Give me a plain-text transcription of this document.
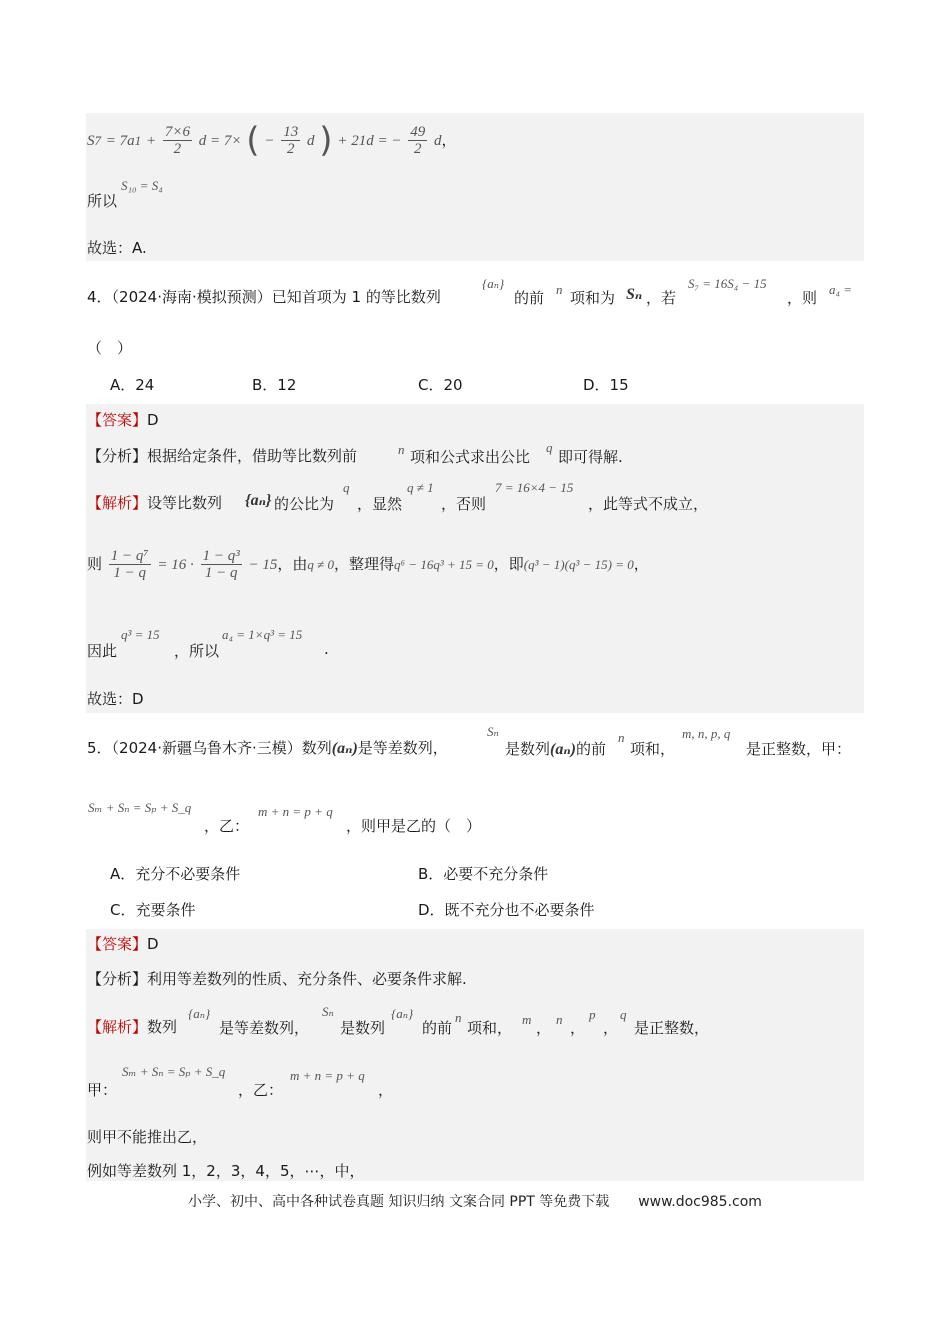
$S7 = 7a1 + \frac{7\times 6}{2}$ d = 7× ( − $\frac{13}{2}$ d ) + 21d = − $\frac{49}{2}$ d，
所以
S₁₀ = S₄
故选：A.
4．（2024·海南·模拟预测）已知首项为 1 的等比数列
{aₙ}
的前 n 项和为 Sₙ ，若
S₇ = 16S₄ − 15
，则 a₄ =
（　）
A．24	B．12	C．20	D．15
【答案】D
【分析】根据给定条件，借助等比数列前	n 项和公式求出公比
q
即可得解.
【解析】设等比数列 {aₙ} 的公比为
q
，显然
q ≠ 1
，否则
7 = 16×4 − 15
，此等式不成立，
则 $\frac{\text{1 − q⁷}}{1 - q} = 16 \cdot \frac{\text{1 − q³}}{1 - q} - 15$，由q ≠ 0，整理得q⁶ − 16q³ + 15 = 0，即(q³ − 1)(q³ − 15) = 0，
因此
q³ = 15
，所以
a₄ = 1×q³ = 15
.
故选：D
5．（2024·新疆乌鲁木齐·三模）数列(aₙ)是等差数列，
Sₙ
是数列(aₙ)的前
n
项和，
m, n, p, q
是正整数，甲：
Sₘ + Sₙ = Sₚ + S_q
，乙：
m + n = p + q
，则甲是乙的（　）
A．充分不必要条件	B．必要不充分条件
C．充要条件	D．既不充分也不必要条件
【答案】D
【分析】利用等差数列的性质、充分条件、必要条件求解.
【解析】数列
{aₙ}
是等差数列，
Sₙ
是数列
{aₙ}
的前
n
项和， m ， n ，
p
，
q
是正整数，
甲：
Sₘ + Sₙ = Sₚ + S_q
，乙：
m + n = p + q
，
则甲不能推出乙，
例如等差数列 1，2，3，4，5，⋯，中，
小学、初中、高中各种试卷真题 知识归纳 文案合同 PPT 等免费下载 www.doc985.com
